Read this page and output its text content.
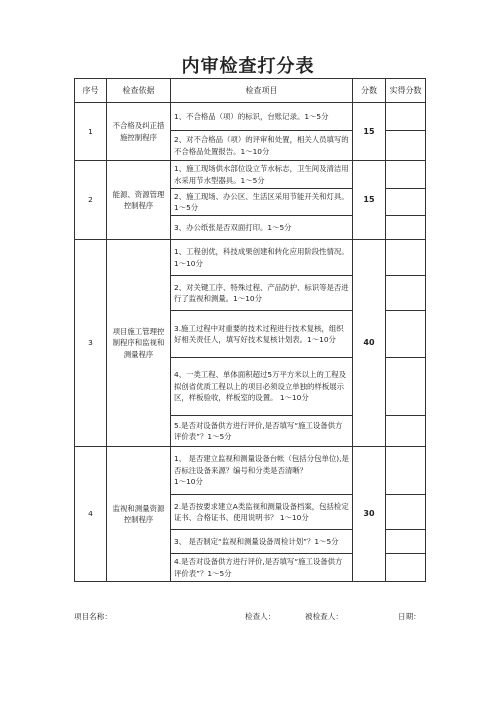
内审检查打分表
序号	检查依据	检查项目	分数	实得分数
1	不合格及纠正措施控制程序	1、不合格品（项）的标识，台账记录。1～5分	15	
		2、对不合格品（项）的评审和处置，相关人员填写的不合格品处置报告。1～10分		
2	能源、资源管理控制程序	1、施工现场供水部位设立节水标志，卫生间及清洁用水采用节水型器具。1～5分	15	
		2、施工现场、办公区、生活区采用节能开关和灯具。1～5分		
		3、办公纸张是否双面打印。1～5分		
3	项目施工管理控制程序和监视和测量程序	1、工程创优，科技成果创建和转化应用阶段性情况。1～10分	40	
		2、对关键工序、特殊过程、产品防护、标识等是否进行了监视和测量。1～10分		
		3.施工过程中对重要的技术过程进行技术复核，组织好相关责任人，填写好技术复核计划表。1～10分		
		4、一类工程、单体面积超过5万平方米以上的工程及拟创省优质工程以上的项目必须设立单独的样板展示区，样板验收，样板室的设置。 1～10分		
		5.是否对设备供方进行评价,是否填写“施工设备供方评价表”？1～5分		
4	监视和测量资源控制程序	1、 是否建立监视和测量设备台帐（包括分包单位),是否标注设备来源？编号和分类是否清晰？
1～10分	30	
		2.是否按要求建立A类监视和测量设备档案，包括检定证书、合格证书、使用说明书？ 1～10分		
		3、 是否制定“监视和测量设备周检计划”？1～5分		
		4.是否对设备供方进行评价,是否填写“施工设备供方评价表”？1～5分		
项目名称：	检查人：	被检查人：	日期：
